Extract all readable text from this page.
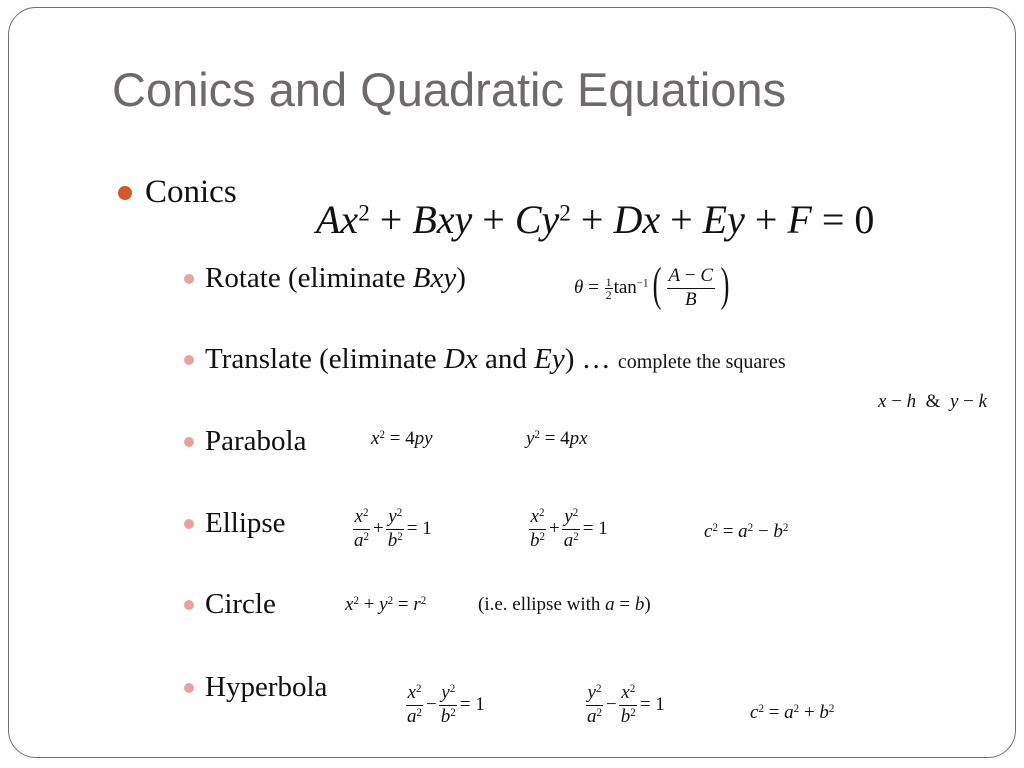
Conics and Quadratic Equations
Conics
$Ax^2$ + Bxy + $Cy^2 + Dx + Ey + F = 0$
Rotate (eliminate Bxy)	$\theta = \frac{1}{2} \tan^{-1}( \frac{A - C}{B}$ )
Translate (eliminate Dx and Ey) … complete the squares
x − h  &  y − k
Parabola	$x^2 = 4py$	$y^2 = 4px$
Ellipse	$\frac{x^2}{a^2} + \frac{y^2}{b^2} = 1$	$\frac{x^2}{b^2} + \frac{y^2}{a^2} = 1$	$c^2 = a^2 - b^2$
Circle	$x^2 + y^2 = r^2$	(i.e. ellipse with a = b)
Hyperbola	$\frac{x^2}{a^2} - \frac{y^2}{b^2} = 1$	$\frac{y^2}{a^2} - \frac{x^2}{b^2} = 1$	$c^2 = a^2 + b^2$
